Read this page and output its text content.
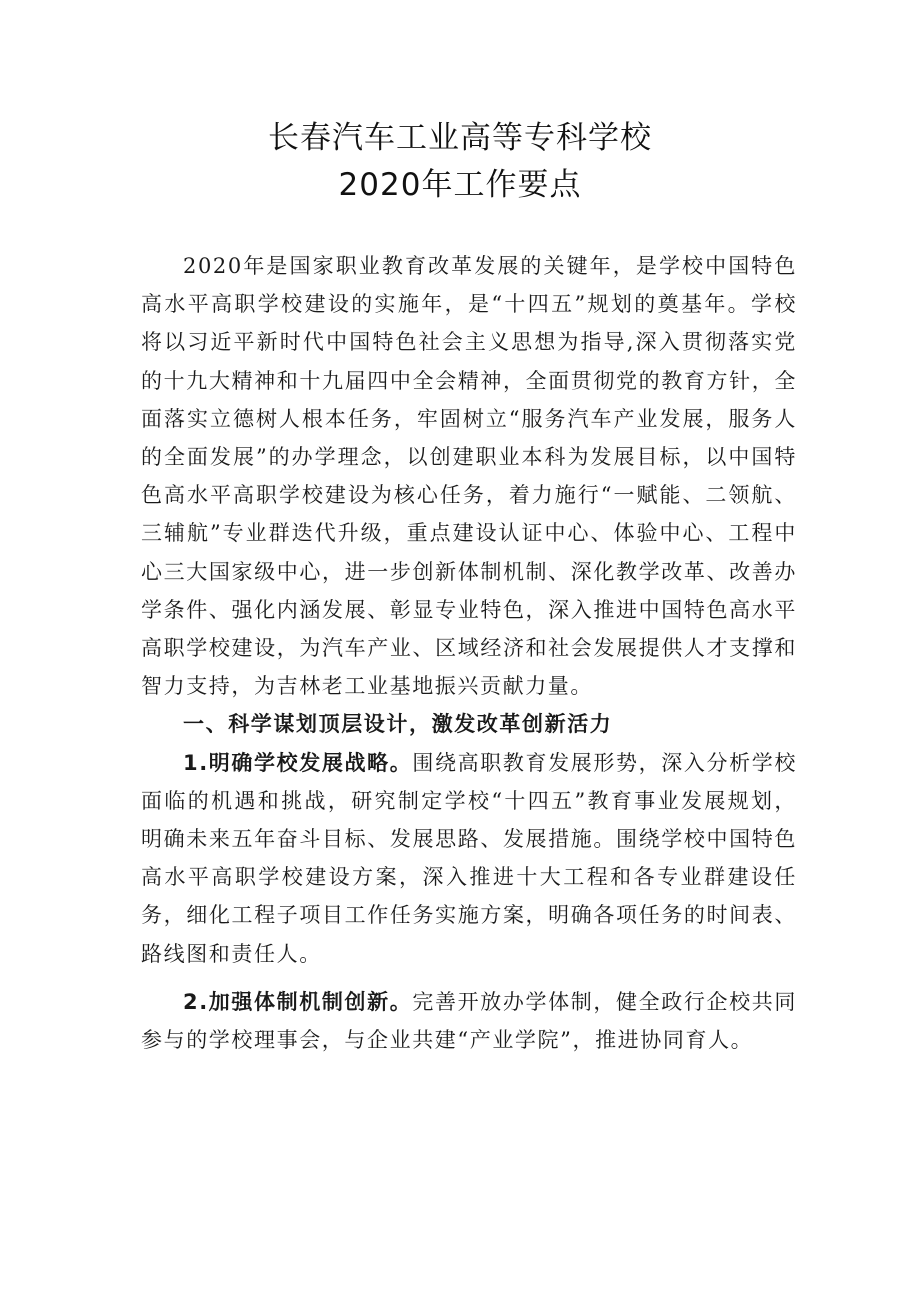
长春汽车工业高等专科学校
2020年工作要点

2020年是国家职业教育改革发展的关键年，是学校中国特色高水平高职学校建设的实施年，是“十四五”规划的奠基年。学校将以习近平新时代中国特色社会主义思想为指导,深入贯彻落实党的十九大精神和十九届四中全会精神，全面贯彻党的教育方针，全面落实立德树人根本任务，牢固树立“服务汽车产业发展，服务人的全面发展”的办学理念，以创建职业本科为发展目标，以中国特色高水平高职学校建设为核心任务，着力施行“一赋能、二领航、三辅航”专业群迭代升级，重点建设认证中心、体验中心、工程中心三大国家级中心，进一步创新体制机制、深化教学改革、改善办学条件、强化内涵发展、彰显专业特色，深入推进中国特色高水平高职学校建设，为汽车产业、区域经济和社会发展提供人才支撑和智力支持，为吉林老工业基地振兴贡献力量。

一、科学谋划顶层设计，激发改革创新活力

1.明确学校发展战略。围绕高职教育发展形势，深入分析学校面临的机遇和挑战，研究制定学校“十四五”教育事业发展规划，明确未来五年奋斗目标、发展思路、发展措施。围绕学校中国特色高水平高职学校建设方案，深入推进十大工程和各专业群建设任务，细化工程子项目工作任务实施方案，明确各项任务的时间表、路线图和责任人。

2.加强体制机制创新。完善开放办学体制，健全政行企校共同参与的学校理事会，与企业共建“产业学院”，推进协同育人。
